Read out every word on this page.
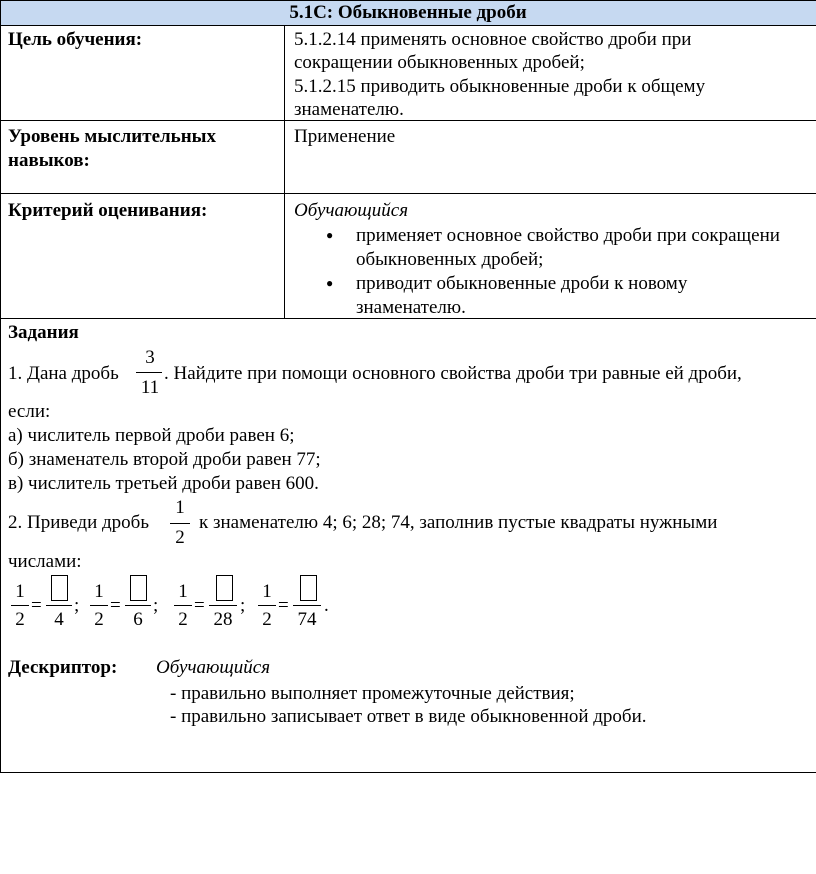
5.1C: Обыкновенные дроби
Цель обучения:	5.1.2.14 применять основное свойство дроби при
сокращении обыкновенных дробей;
5.1.2.15 приводить обыкновенные дроби к общему
знаменателю.
Уровень мыслительных
навыков:
Применение
Критерий оценивания:	Обучающийся
● применяет основное свойство дроби при сокращени
обыкновенных дробей;
● приводит обыкновенные дроби к новому
знаменателю.
Задания
1. Дана дробь
3
11
. Найдите при помощи основного свойства дроби три равные ей дроби,
если:
а) числитель первой дроби равен 6;
б) знаменатель второй дроби равен 77;
в) числитель третьей дроби равен 600.
2. Приведи дробь
1
2
к знаменателю 4; 6; 28; 74, заполнив пустые квадраты нужными
числами:
1
2
=
4
;
1
2
=
6
;
1
2
=
28
;
1
2
=
74
.
Дескриптор: Обучающийся
- правильно выполняет промежуточные действия;
- правильно записывает ответ в виде обыкновенной дроби.
